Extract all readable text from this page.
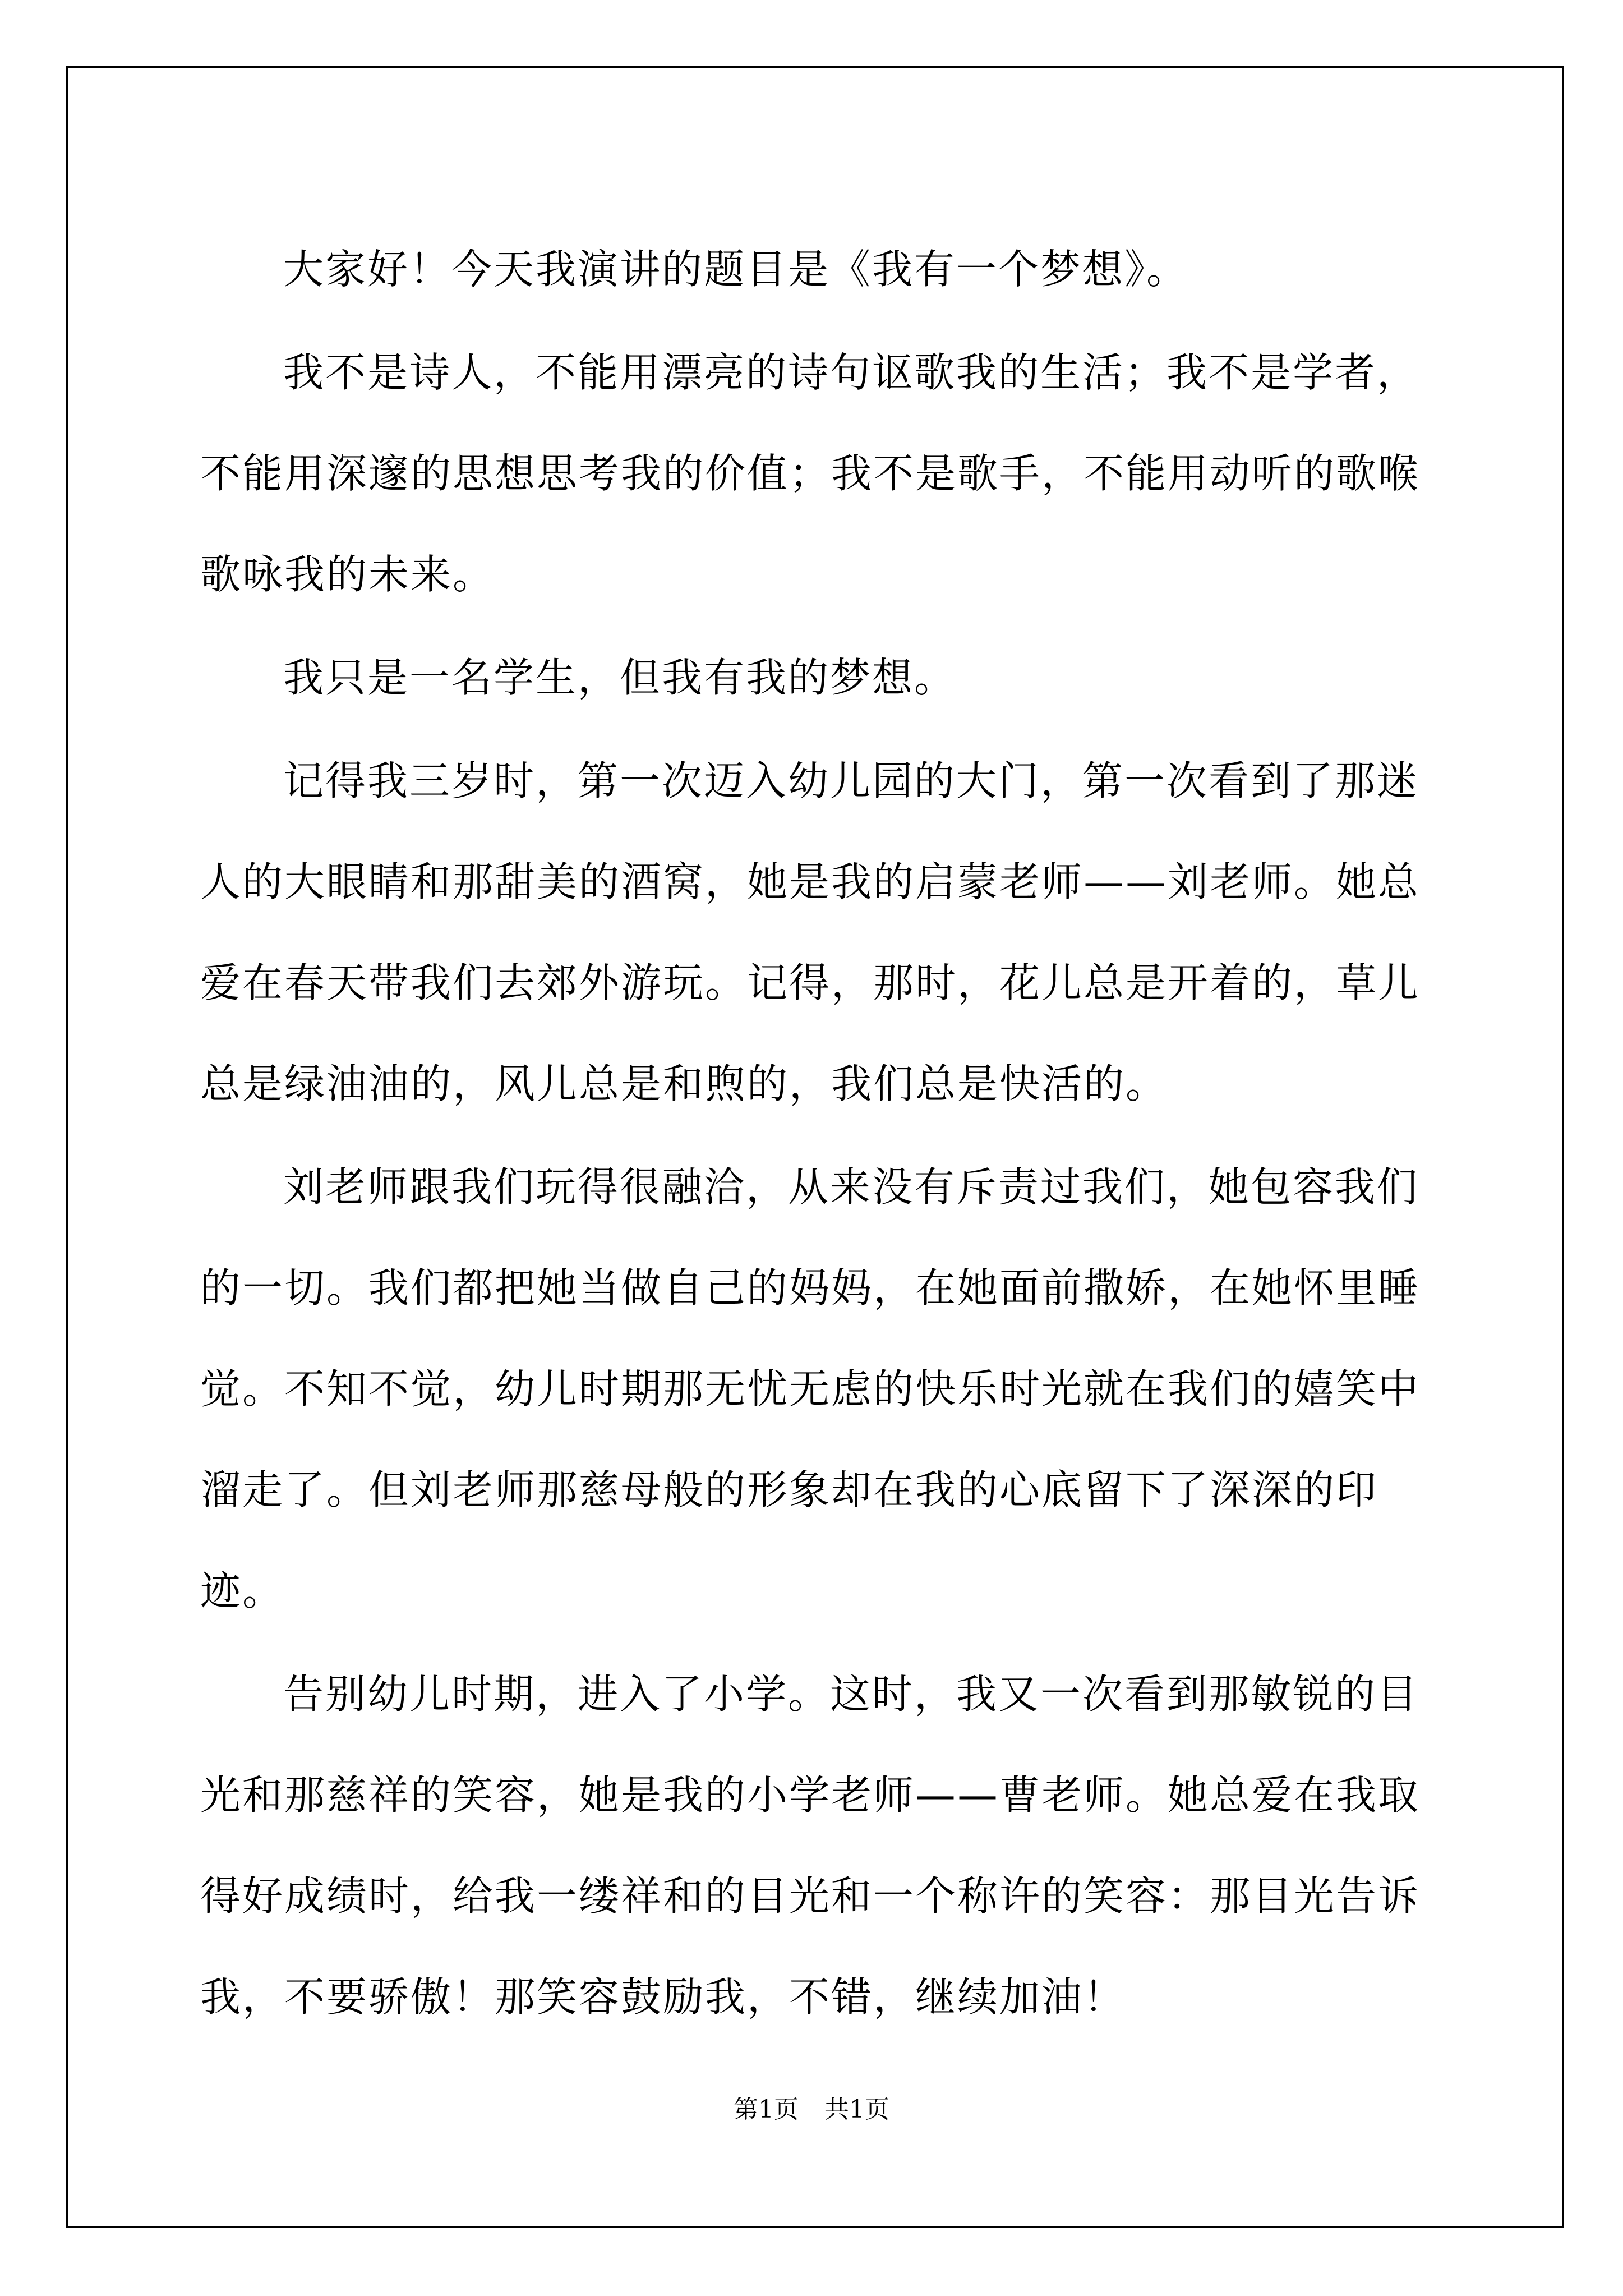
大家好！今天我演讲的题目是《我有一个梦想》。

我不是诗人，不能用漂亮的诗句讴歌我的生活；我不是学者，不能用深邃的思想思考我的价值；我不是歌手，不能用动听的歌喉歌咏我的未来。

我只是一名学生，但我有我的梦想。

记得我三岁时，第一次迈入幼儿园的大门，第一次看到了那迷人的大眼睛和那甜美的酒窝，她是我的启蒙老师——刘老师。她总爱在春天带我们去郊外游玩。记得，那时，花儿总是开着的，草儿总是绿油油的，风儿总是和煦的，我们总是快活的。

刘老师跟我们玩得很融洽，从来没有斥责过我们，她包容我们的一切。我们都把她当做自己的妈妈，在她面前撒娇，在她怀里睡觉。不知不觉，幼儿时期那无忧无虑的快乐时光就在我们的嬉笑中溜走了。但刘老师那慈母般的形象却在我的心底留下了深深的印迹。

告别幼儿时期，进入了小学。这时，我又一次看到那敏锐的目光和那慈祥的笑容，她是我的小学老师——曹老师。她总爱在我取得好成绩时，给我一缕祥和的目光和一个称许的笑容：那目光告诉我，不要骄傲！那笑容鼓励我，不错，继续加油！

第1页 共1页
